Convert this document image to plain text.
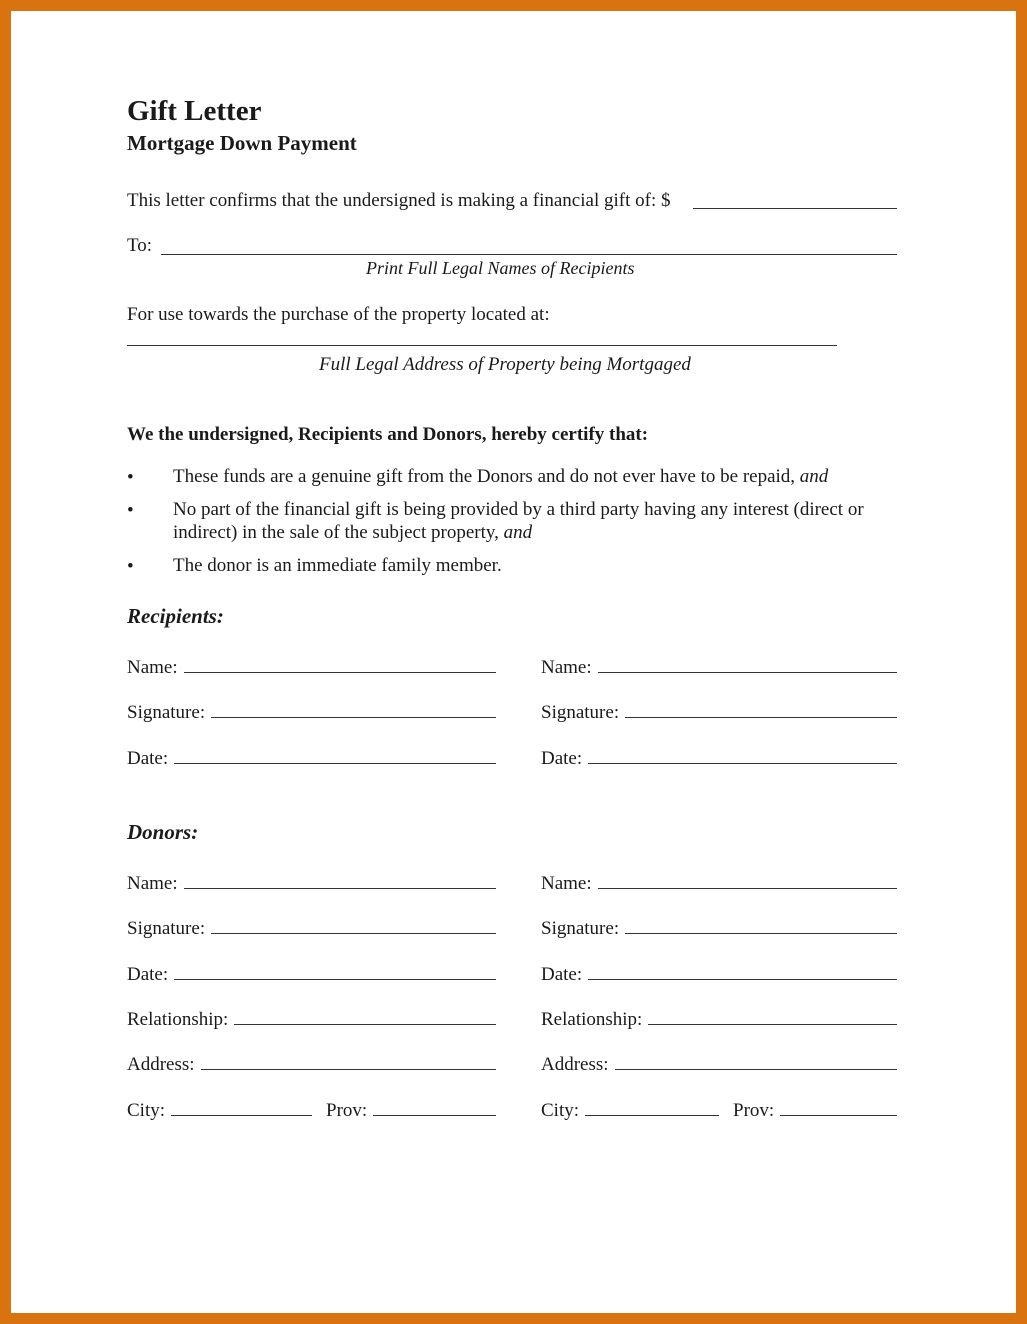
Gift Letter
Mortgage Down Payment
This letter confirms that the undersigned is making a financial gift of: $
To:
Print Full Legal Names of Recipients
For use towards the purchase of the property located at:
Full Legal Address of Property being Mortgaged
We the undersigned, Recipients and Donors, hereby certify that:
• These funds are a genuine gift from the Donors and do not ever have to be repaid, and
• No part of the financial gift is being provided by a third party having any interest (direct or
indirect) in the sale of the subject property, and
• The donor is an immediate family member.
Recipients:
Name:	Name:
Signature:	Signature:
Date:	Date:
Donors:
Name:	Name:
Signature:	Signature:
Date:	Date:
Relationship:	Relationship:
Address:	Address:
City:	Prov:	City:	Prov:
